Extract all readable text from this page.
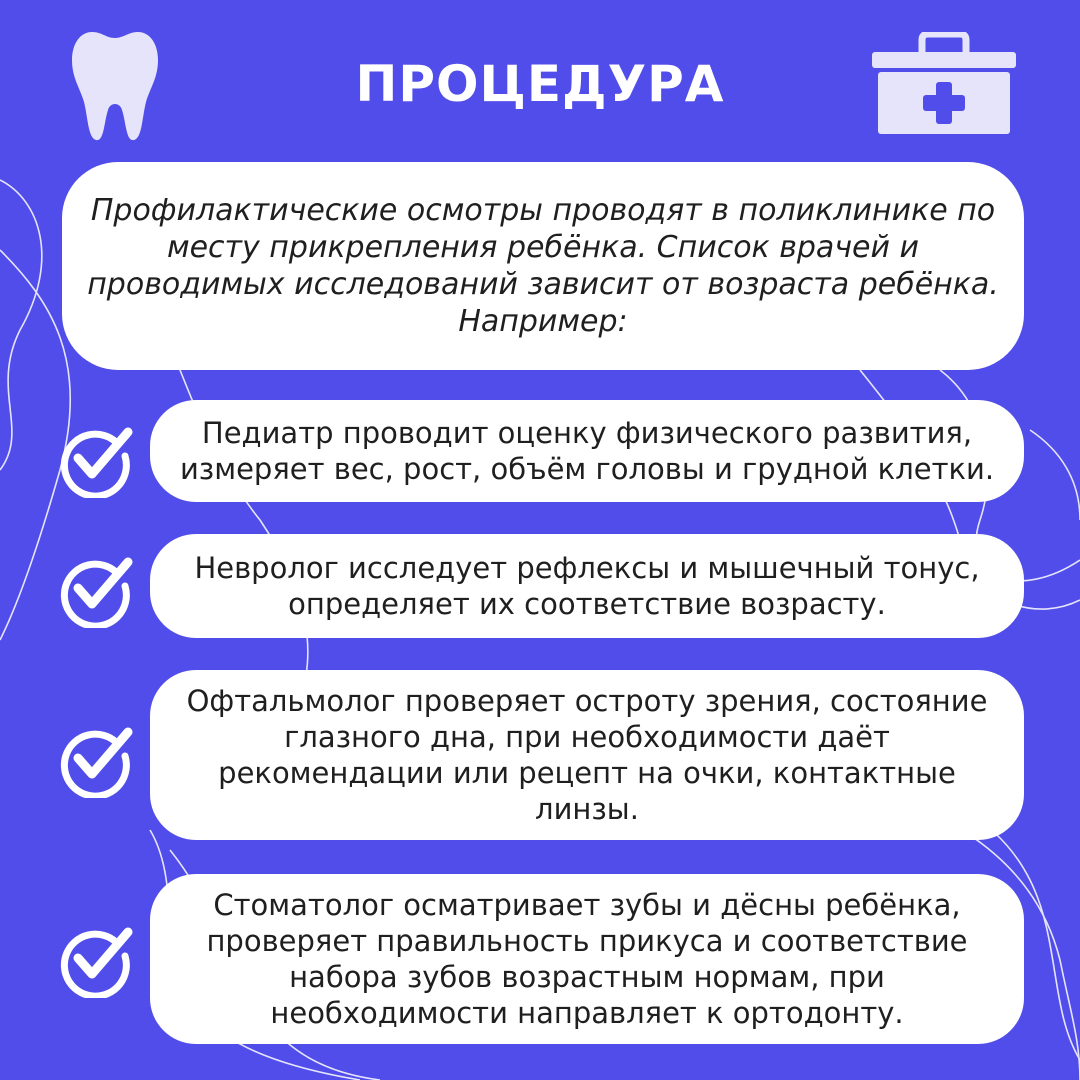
ПРОЦЕДУРА
Профилактические осмотры проводят в поликлинике по месту прикрепления ребёнка. Список врачей и проводимых исследований зависит от возраста ребёнка. Например:
Педиатр проводит оценку физического развития, измеряет вес, рост, объём головы и грудной клетки.
Невролог исследует рефлексы и мышечный тонус, определяет их соответствие возрасту.
Офтальмолог проверяет остроту зрения, состояние глазного дна, при необходимости даёт рекомендации или рецепт на очки, контактные линзы.
Стоматолог осматривает зубы и дёсны ребёнка, проверяет правильность прикуса и соответствие набора зубов возрастным нормам, при необходимости направляет к ортодонту.
